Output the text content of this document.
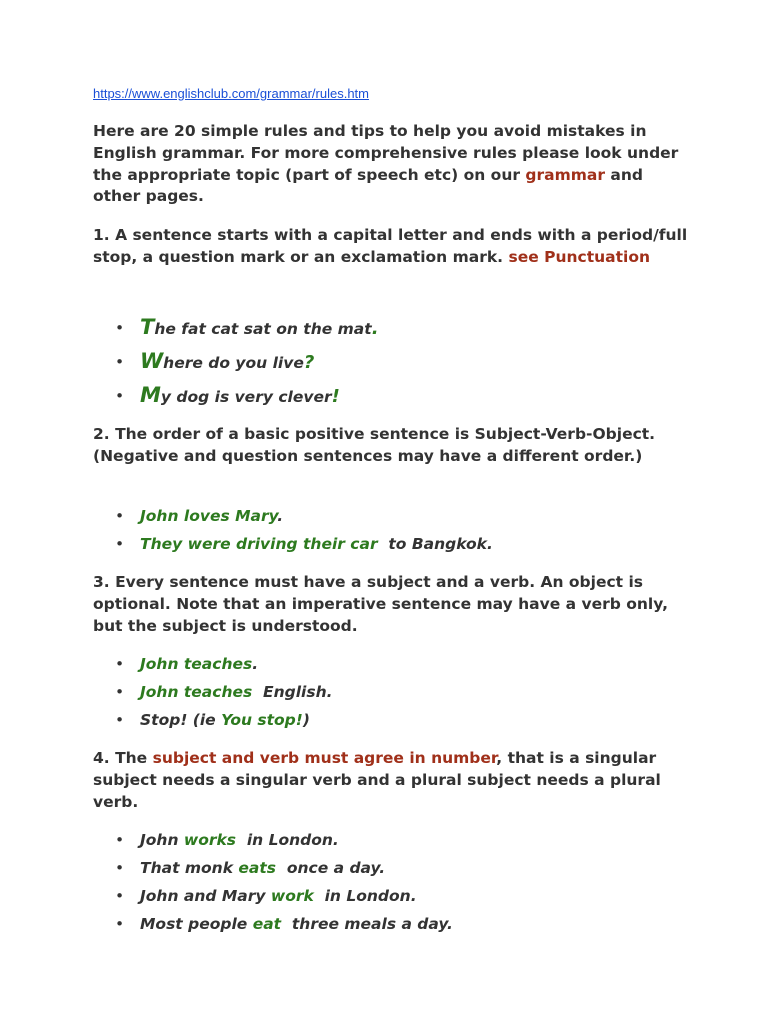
https://www.englishclub.com/grammar/rules.htm

Here are 20 simple rules and tips to help you avoid mistakes in English grammar. For more comprehensive rules please look under the appropriate topic (part of speech etc) on our grammar and other pages.

1. A sentence starts with a capital letter and ends with a period/full stop, a question mark or an exclamation mark. see Punctuation

• The fat cat sat on the mat.
• Where do you live?
• My dog is very clever!

2. The order of a basic positive sentence is Subject-Verb-Object. (Negative and question sentences may have a different order.)

• John loves Mary.
• They were driving their car  to Bangkok.

3. Every sentence must have a subject and a verb. An object is optional. Note that an imperative sentence may have a verb only, but the subject is understood.

• John teaches.
• John teaches  English.
• Stop! (ie You stop!)

4. The subject and verb must agree in number, that is a singular subject needs a singular verb and a plural subject needs a plural verb.

• John works  in London.
• That monk eats  once a day.
• John and Mary work  in London.
• Most people eat  three meals a day.
